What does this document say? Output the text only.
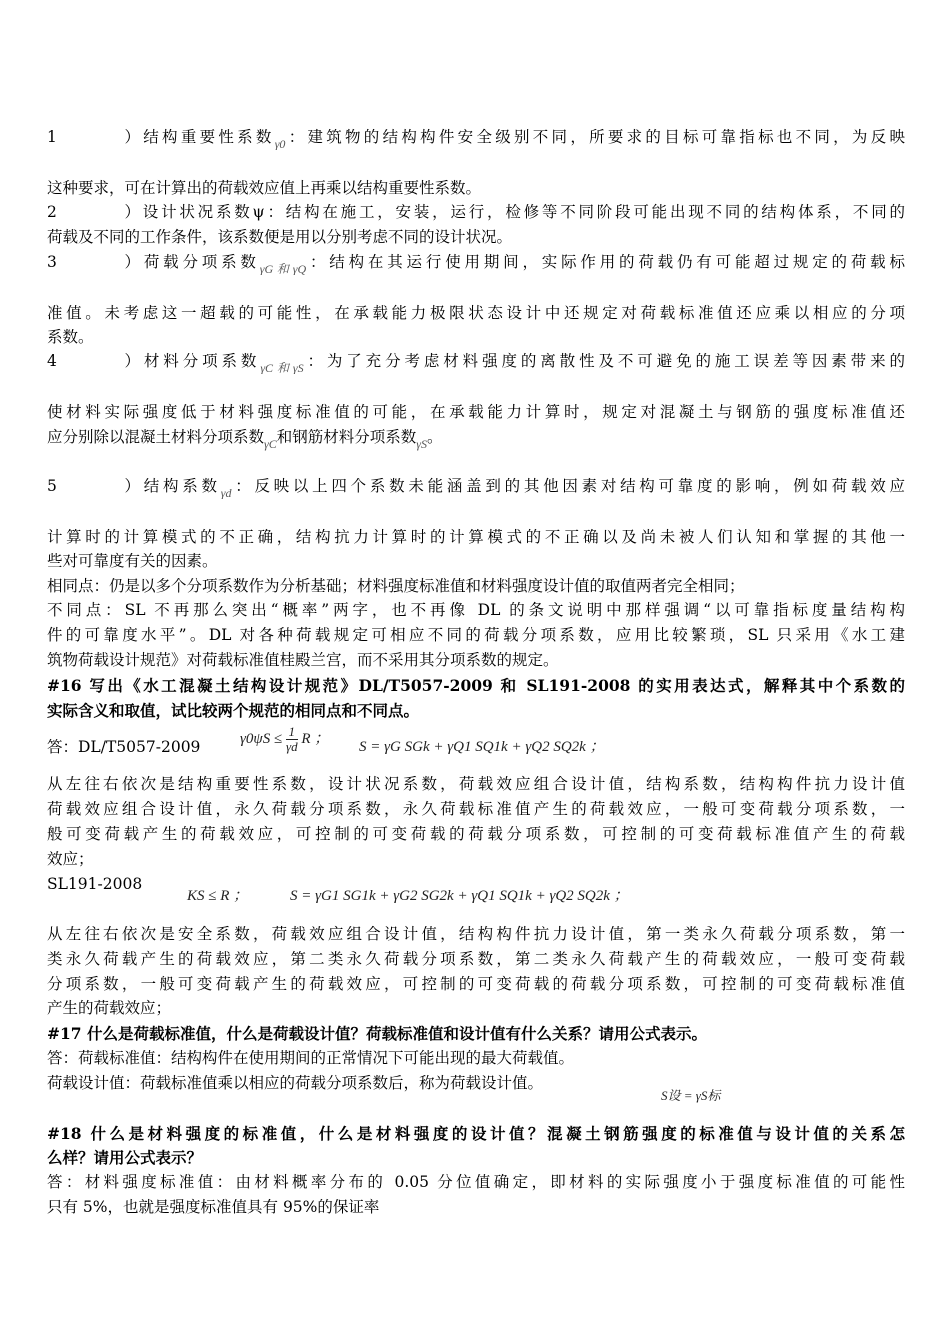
1）结构重要性系数$_{\gamma 0}$：建筑物的结构构件安全级别不同，所要求的目标可靠指标也不同，为反映
这种要求，可在计算出的荷载效应值上再乘以结构重要性系数。
2）设计状况系数ψ：结构在施工，安装，运行，检修等不同阶段可能出现不同的结构体系，不同的
荷载及不同的工作条件，该系数便是用以分别考虑不同的设计状况。
3）荷载分项系数$_{\gamma G和\gamma Q}$：结构在其运行使用期间，实际作用的荷载仍有可能超过规定的荷载标
准值。未考虑这一超载的可能性，在承载能力极限状态设计中还规定对荷载标准值还应乘以相应的分项
系数。
4）材料分项系数$_{\gamma C和\gamma S}$：为了充分考虑材料强度的离散性及不可避免的施工误差等因素带来的
使材料实际强度低于材料强度标准值的可能，在承载能力计算时，规定对混凝土与钢筋的强度标准值还
应分别除以混凝土材料分项系数$_{\gamma C}$和钢筋材料分项系数$_{\gamma S}$。
5）结构系数$_{\gamma d}$：反映以上四个系数未能涵盖到的其他因素对结构可靠度的影响，例如荷载效应
计算时的计算模式的不正确，结构抗力计算时的计算模式的不正确以及尚未被人们认知和掌握的其他一
些对可靠度有关的因素。
相同点：仍是以多个分项系数作为分析基础；材料强度标准值和材料强度设计值的取值两者完全相同；
不同点：SL 不再那么突出“概率”两字，也不再像 DL 的条文说明中那样强调“以可靠指标度量结构构
件的可靠度水平”。DL 对各种荷载规定可相应不同的荷载分项系数，应用比较繁琐，SL 只采用《水工建
筑物荷载设计规范》对荷载标准值桂殿兰宫，而不采用其分项系数的规定。
#16 写出《水工混凝土结构设计规范》DL/T5057-2009 和 SL191-2008 的实用表达式，解释其中个系数的
实际含义和取值，试比较两个规范的相同点和不同点。
答：DL/T5057-2009	$\gamma 0\psi S \le \frac{1}{\gamma d}$ R ；
S = γG SGk + γQ1 SQ1k + γQ2 SQ2k ；
从左往右依次是结构重要性系数，设计状况系数，荷载效应组合设计值，结构系数，结构构件抗力设计值
荷载效应组合设计值，永久荷载分项系数，永久荷载标准值产生的荷载效应，一般可变荷载分项系数，一
般可变荷载产生的荷载效应，可控制的可变荷载的荷载分项系数，可控制的可变荷载标准值产生的荷载
效应；
SL191-2008
KS ≤ R ；	S = γG1 SG1k + γG2 SG2k + γQ1 SQ1k + γQ2 SQ2k ；
从左往右依次是安全系数，荷载效应组合设计值，结构构件抗力设计值，第一类永久荷载分项系数，第一
类永久荷载产生的荷载效应，第二类永久荷载分项系数，第二类永久荷载产生的荷载效应，一般可变荷载
分项系数，一般可变荷载产生的荷载效应，可控制的可变荷载的荷载分项系数，可控制的可变荷载标准值
产生的荷载效应；
#17 什么是荷载标准值，什么是荷载设计值？荷载标准值和设计值有什么关系？请用公式表示。
答：荷载标准值：结构构件在使用期间的正常情况下可能出现的最大荷载值。
荷载设计值：荷载标准值乘以相应的荷载分项系数后，称为荷载设计值。
S设 = γS标
#18 什么是材料强度的标准值，什么是材料强度的设计值？混凝土钢筋强度的标准值与设计值的关系怎
么样？请用公式表示？
答：材料强度标准值：由材料概率分布的 0.05 分位值确定，即材料的实际强度小于强度标准值的可能性
只有 5%，也就是强度标准值具有 95%的保证率
